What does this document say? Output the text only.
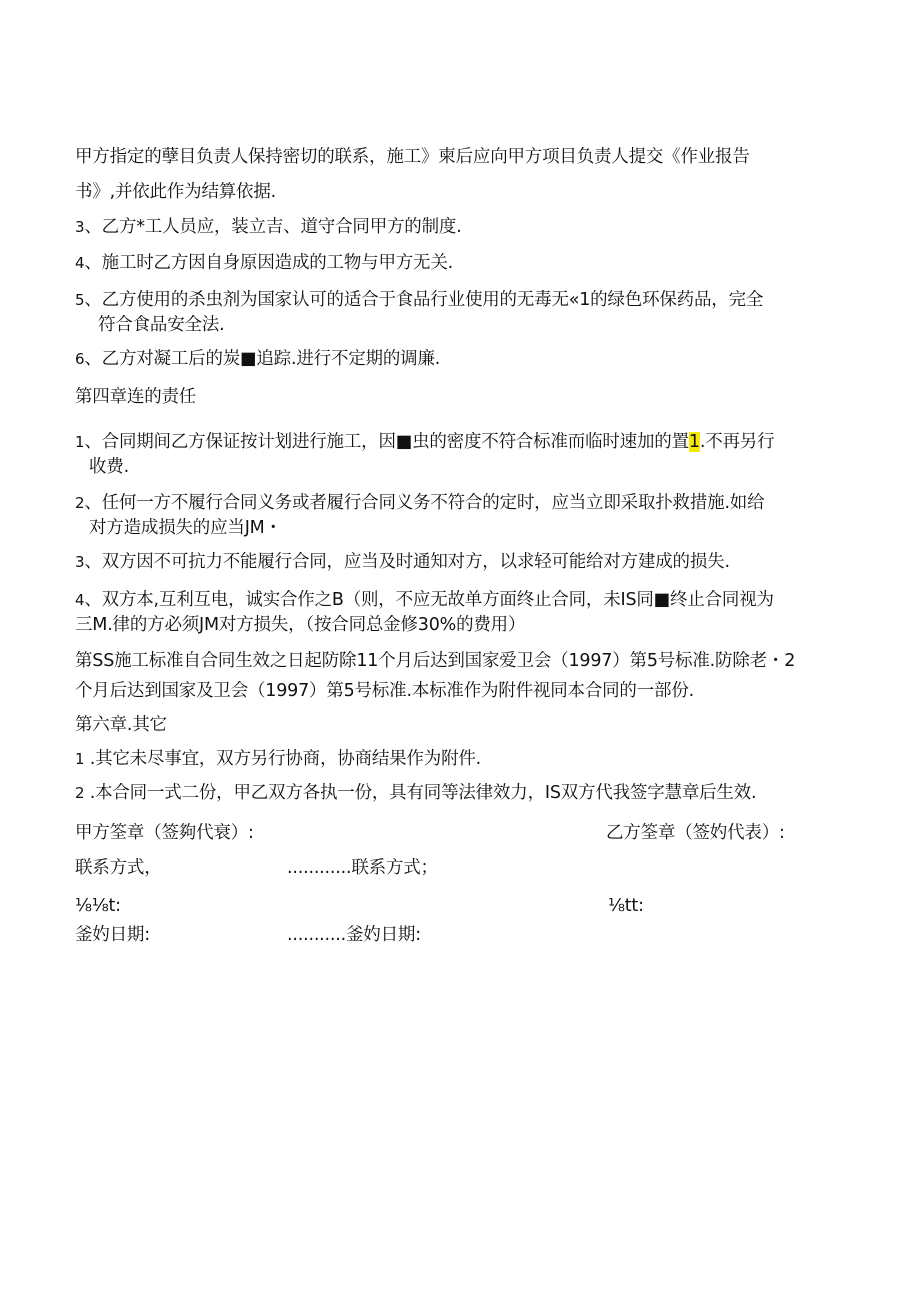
甲方指定的孽目负责人保持密切的联系，施工》柬后应向甲方项目负责人提交《作业报告
书》,并依此作为结算依据.
3、乙方*工人员应，装立吉、道守合同甲方的制度.
4、施工时乙方因自身原因造成的工物与甲方无关.
5、乙方使用的杀虫剂为国家认可的适合于食品行业使用的无毒无«1的绿色环保药品，完全
符合食品安全法.
6、乙方对凝工后的炭■追踪.进行不定期的调廉.
第四章连的责任
1、合同期间乙方保证按计划进行施工，因■虫的密度不符合标准而临时速加的置1.不再另行
收费.
2、任何一方不履行合同义务或者履行合同义务不符合的定时，应当立即采取扑救措施.如给
对方造成损失的应当JM・
3、双方因不可抗力不能履行合同，应当及时通知对方，以求轻可能给对方建成的损失.
4、双方本,互利互电，诚实合作之B（则，不应无故单方面终止合同，未IS同■终止合同视为
三M.律的方必须JM对方损失，（按合同总金修30%的费用）
第SS施工标准自合同生效之日起防除11个月后达到国家爱卫会（1997）第5号标准.防除老・2
个月后达到国家及卫会（1997）第5号标准.本标准作为附件视同本合同的一部份.
第六章.其它
1 .其它未尽事宜，双方另行协商，协商结果作为附件.
2 .本合同一式二份，甲乙双方各执一份，具有同等法律效力，IS双方代我签字慧章后生效.
甲方筌章（签夠代衰）:	乙方筌章（签妁代表）:
联系方式，	............联系方式；
⅛⅛t:	⅛tt:
釜妁日期:	...........釜妁日期:
